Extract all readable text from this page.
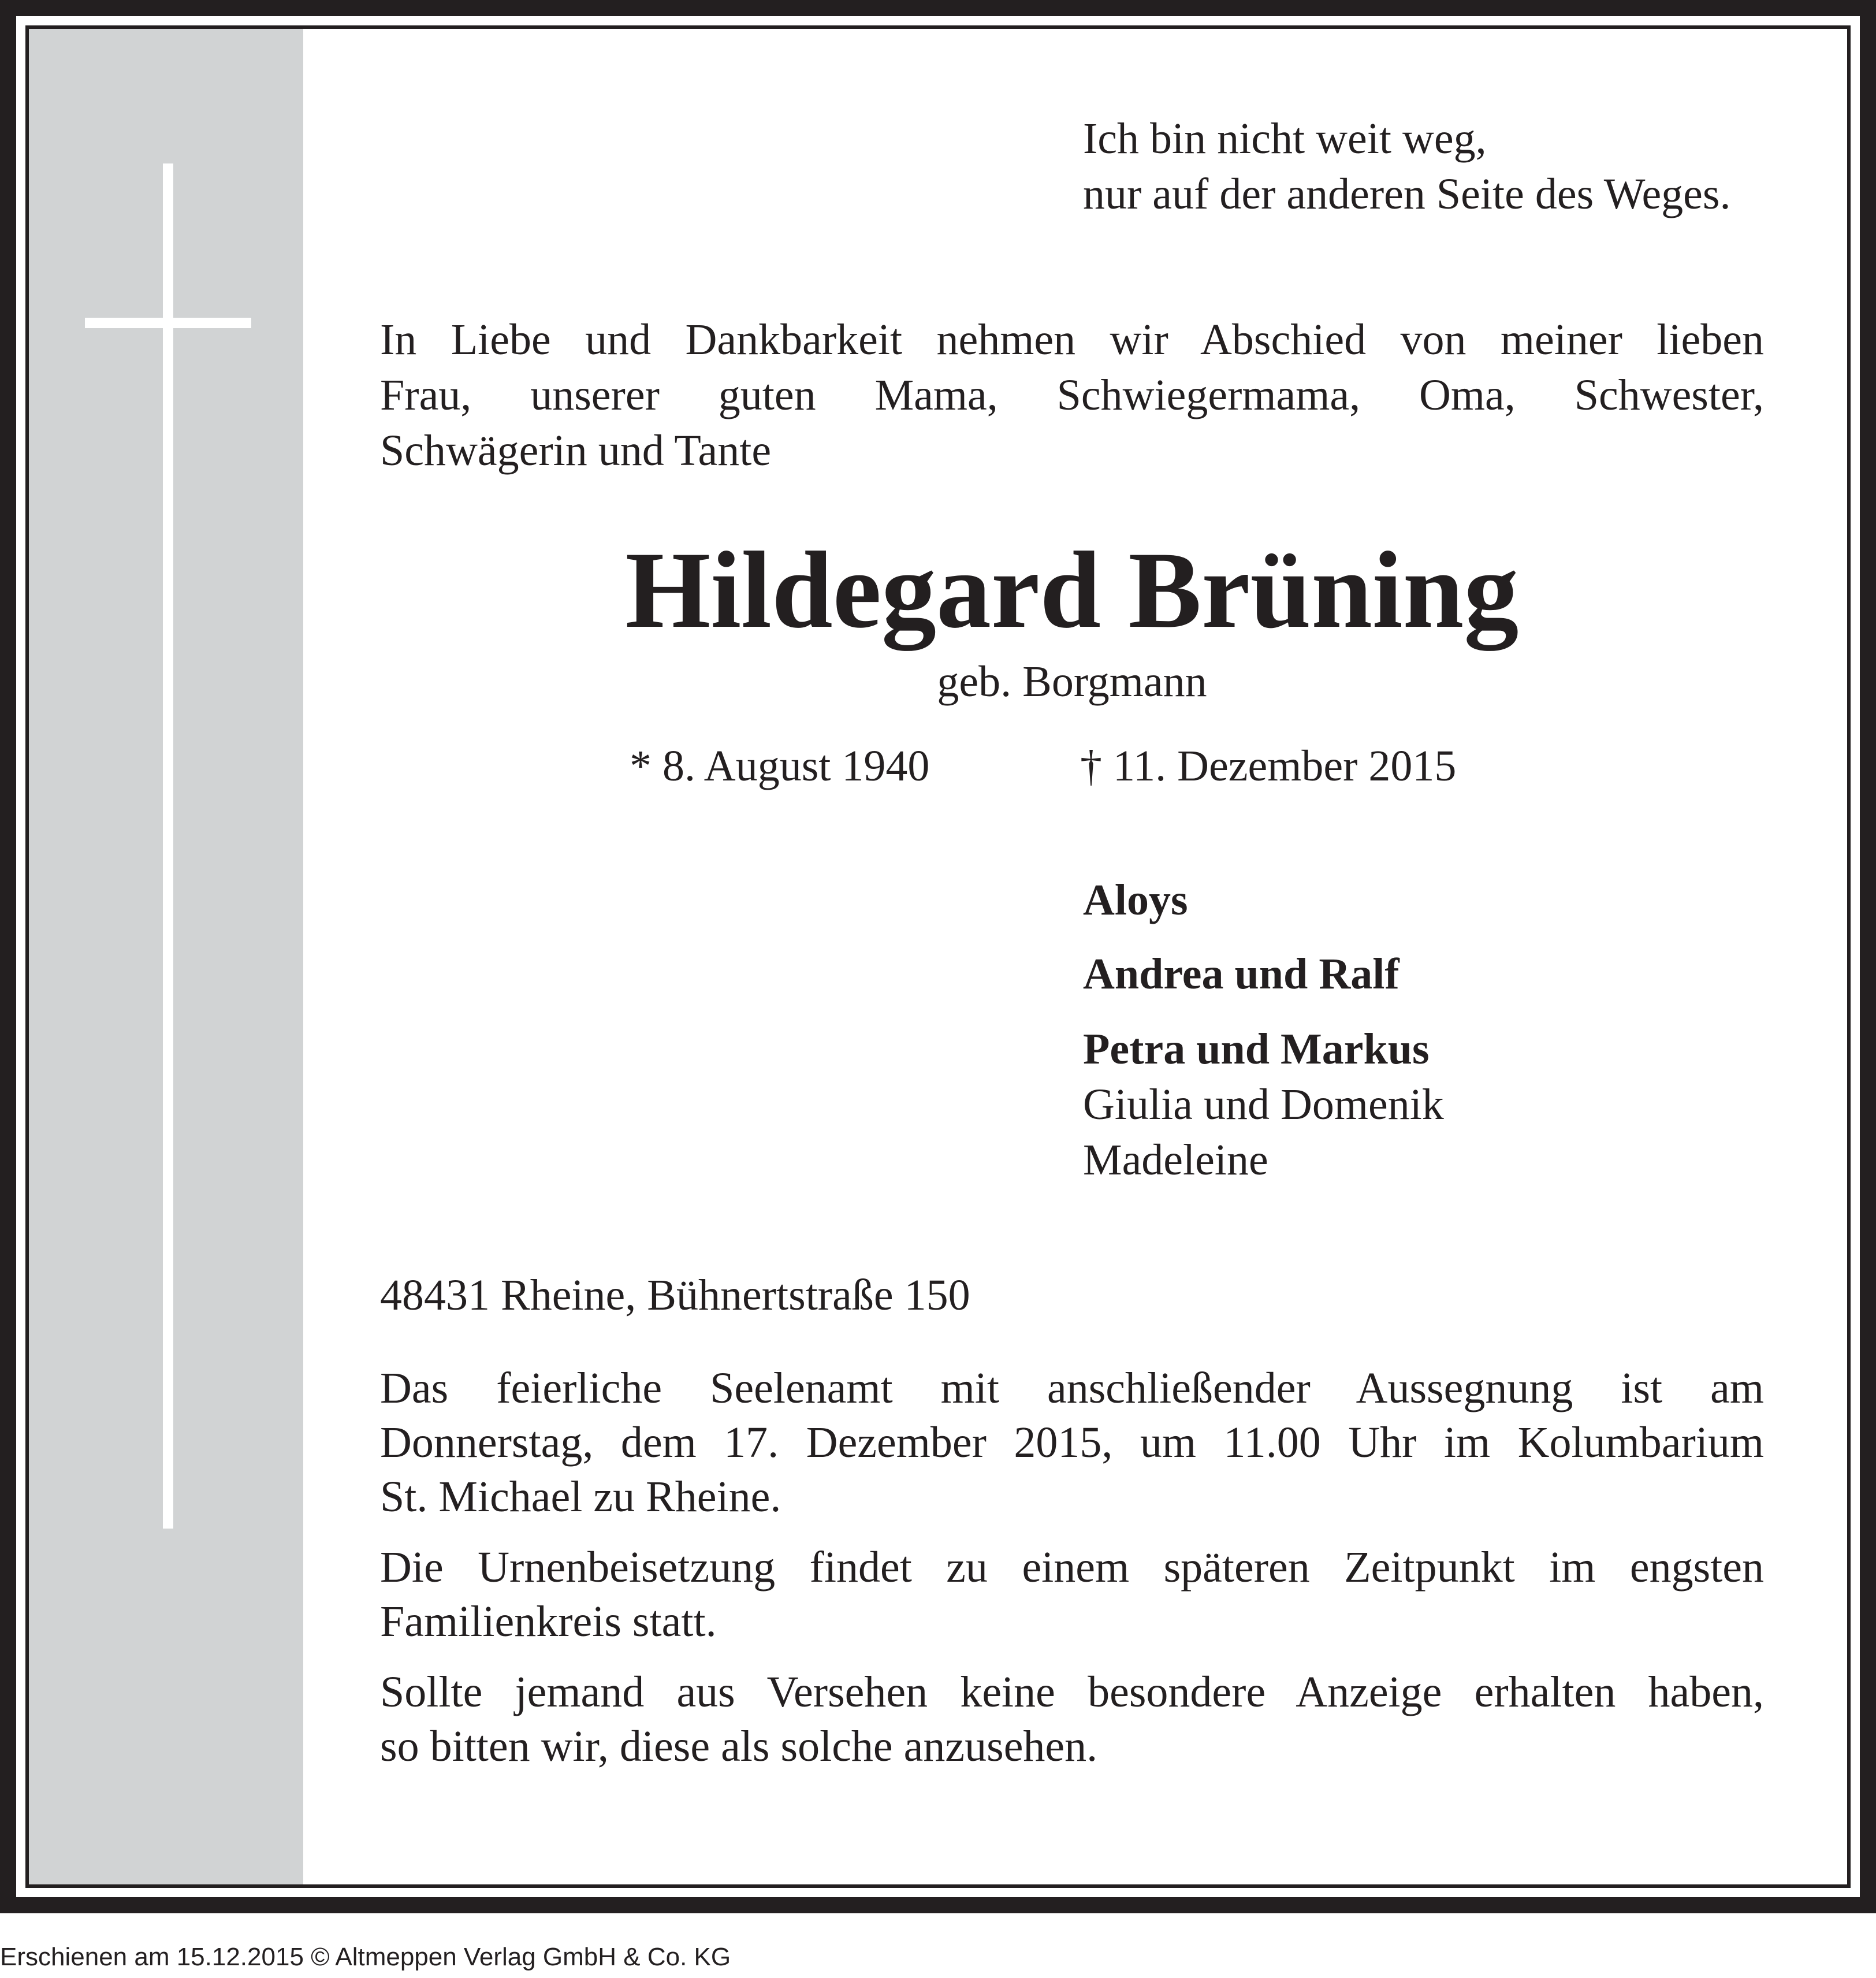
Ich bin nicht weit weg,
nur auf der anderen Seite des Weges.
In Liebe und Dankbarkeit nehmen wir Abschied von meiner lieben
Frau, unserer guten Mama, Schwiegermama, Oma, Schwester,
Schwägerin und Tante
Hildegard Brüning
geb. Borgmann
* 8. August 1940	† 11. Dezember 2015
Aloys
Andrea und Ralf
Petra und Markus
Giulia und Domenik
Madeleine
48431 Rheine, Bühnertstraße 150
Das feierliche Seelenamt mit anschließender Aussegnung ist am
Donnerstag, dem 17. Dezember 2015, um 11.00 Uhr im Kolumbarium
St. Michael zu Rheine.
Die Urnenbeisetzung findet zu einem späteren Zeitpunkt im engsten
Familienkreis statt.
Sollte jemand aus Versehen keine besondere Anzeige erhalten haben,
so bitten wir, diese als solche anzusehen.
Erschienen am 15.12.2015 © Altmeppen Verlag GmbH & Co. KG
